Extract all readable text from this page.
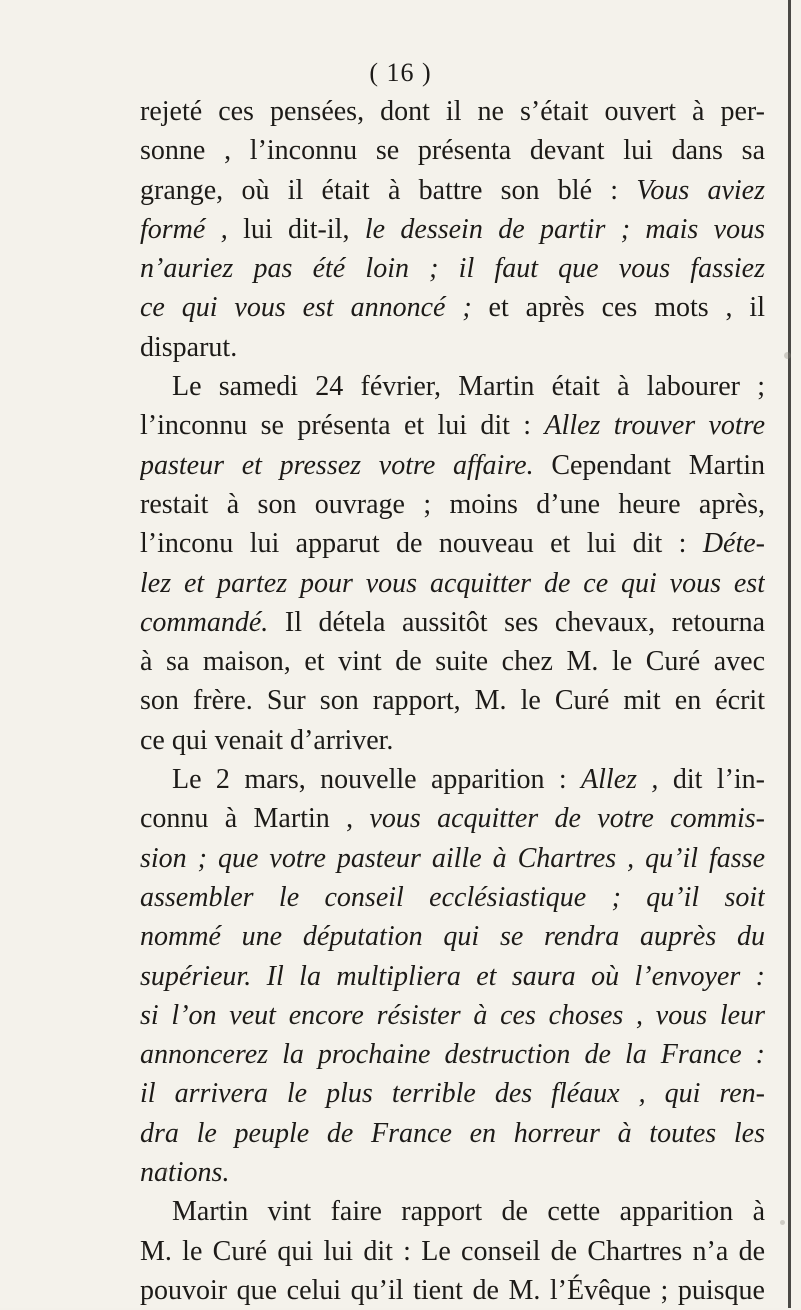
( 16 )
rejeté ces pensées, dont il ne s’était ouvert à per-
sonne , l’inconnu se présenta devant lui dans sa
grange, où il était à battre son blé : Vous aviez
formé , lui dit-il, le dessein de partir ; mais vous
n’auriez pas été loin ; il faut que vous fassiez
ce qui vous est annoncé ; et après ces mots , il
disparut.
Le samedi 24 février, Martin était à labourer ;
l’inconnu se présenta et lui dit : Allez trouver votre
pasteur et pressez votre affaire. Cependant Martin
restait à son ouvrage ; moins d’une heure après,
l’inconu lui apparut de nouveau et lui dit : Déte-
lez et partez pour vous acquitter de ce qui vous est
commandé. Il détela aussitôt ses chevaux, retourna
à sa maison, et vint de suite chez M. le Curé avec
son frère. Sur son rapport, M. le Curé mit en écrit
ce qui venait d’arriver.
Le 2 mars, nouvelle apparition : Allez , dit l’in-
connu à Martin , vous acquitter de votre commis-
sion ; que votre pasteur aille à Chartres , qu’il fasse
assembler le conseil ecclésiastique ; qu’il soit
nommé une députation qui se rendra auprès du
supérieur. Il la multipliera et saura où l’envoyer :
si l’on veut encore résister à ces choses , vous leur
annoncerez la prochaine destruction de la France :
il arrivera le plus terrible des fléaux , qui ren-
dra le peuple de France en horreur à toutes les
nations.
Martin vint faire rapport de cette apparition à
M. le Curé qui lui dit : Le conseil de Chartres n’a de
pouvoir que celui qu’il tient de M. l’Évêque ; puisque
